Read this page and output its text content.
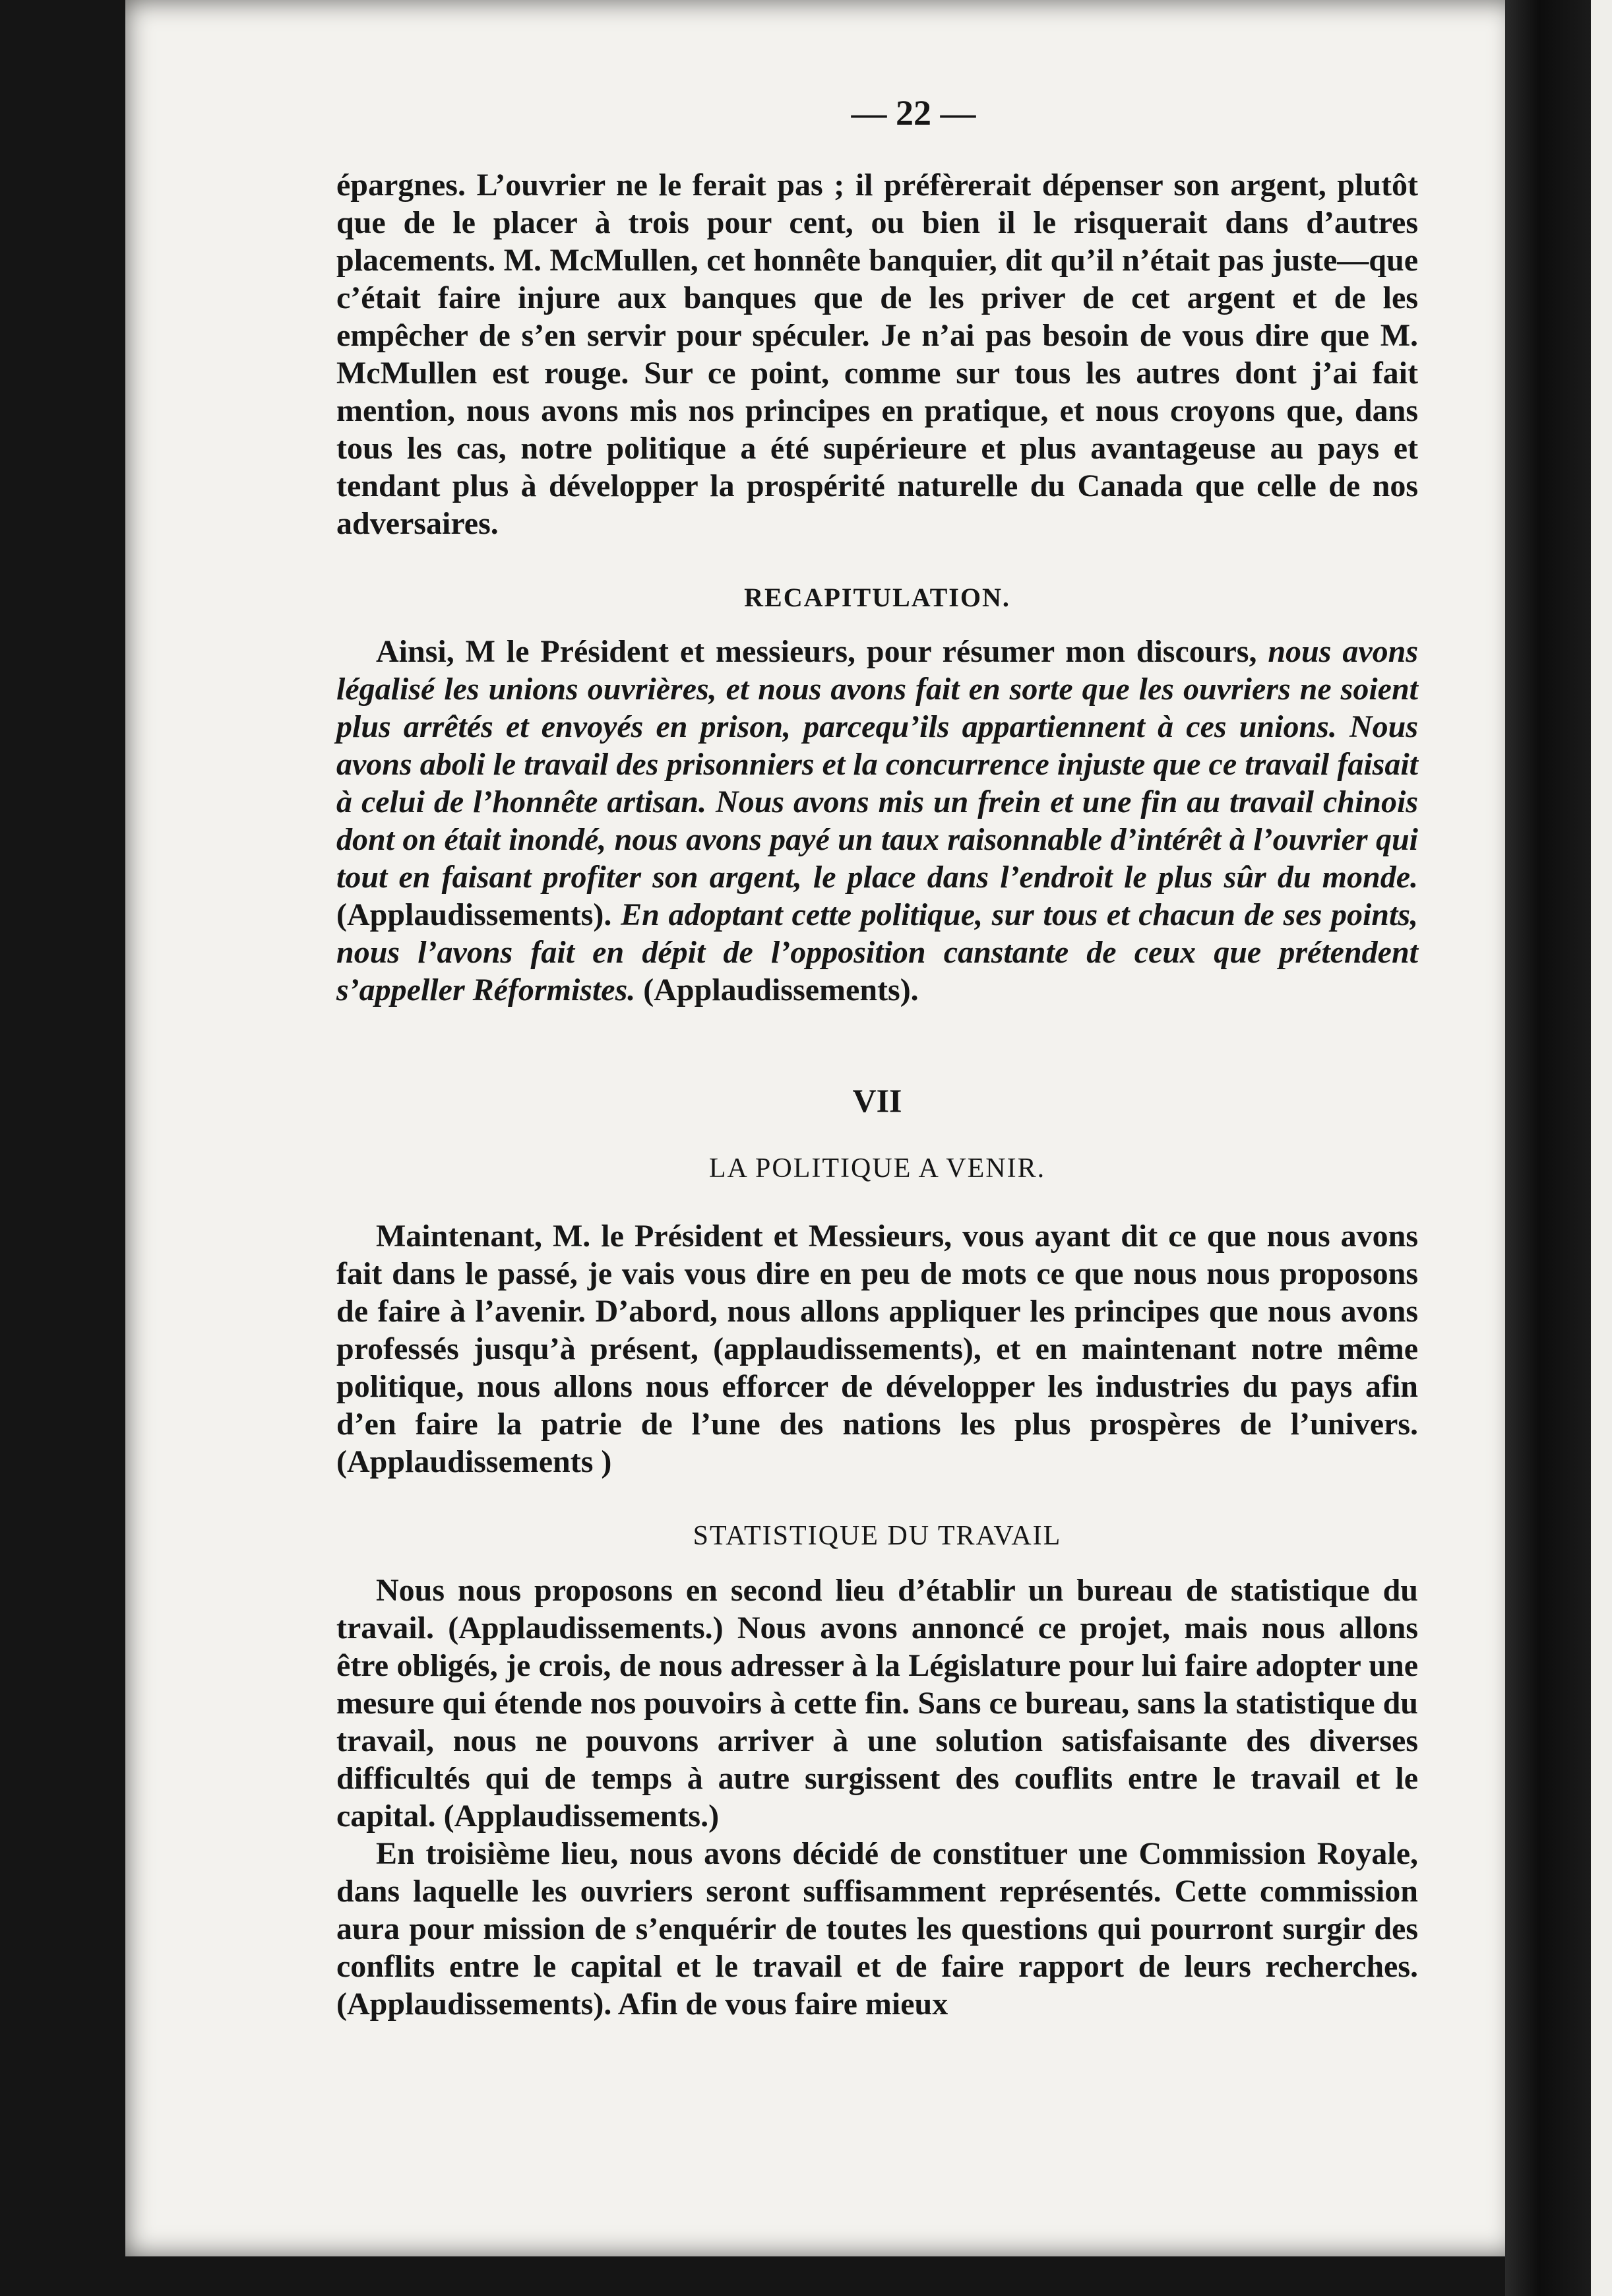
— 22 —

épargnes. L’ouvrier ne le ferait pas ; il préfèrerait dépenser son argent, plutôt que de le placer à trois pour cent, ou bien il le risquerait dans d’autres placements. M. McMullen, cet honnête banquier, dit qu’il n’était pas juste—que c’était faire injure aux banques que de les priver de cet argent et de les empêcher de s’en servir pour spéculer. Je n’ai pas besoin de vous dire que M. McMullen est rouge. Sur ce point, comme sur tous les autres dont j’ai fait mention, nous avons mis nos principes en pratique, et nous croyons que, dans tous les cas, notre politique a été supérieure et plus avantageuse au pays et tendant plus à développer la prospérité naturelle du Canada que celle de nos adversaires.

RECAPITULATION.

Ainsi, M le Président et messieurs, pour résumer mon discours, nous avons légalisé les unions ouvrières, et nous avons fait en sorte que les ouvriers ne soient plus arrêtés et envoyés en prison, parcequ’ils appartiennent à ces unions. Nous avons aboli le travail des prisonniers et la concurrence injuste que ce travail faisait à celui de l’honnête artisan. Nous avons mis un frein et une fin au travail chinois dont on était inondé, nous avons payé un taux raisonnable d’intérêt à l’ouvrier qui tout en faisant profiter son argent, le place dans l’endroit le plus sûr du monde. (Applaudissements). En adoptant cette politique, sur tous et chacun de ses points, nous l’avons fait en dépit de l’opposition canstante de ceux que prétendent s’appeller Réformistes. (Applaudissements).

VII
LA POLITIQUE A VENIR.

Maintenant, M. le Président et Messieurs, vous ayant dit ce que nous avons fait dans le passé, je vais vous dire en peu de mots ce que nous nous proposons de faire à l’avenir. D’abord, nous allons appliquer les principes que nous avons professés jusqu’à présent, (applaudissements), et en maintenant notre même politique, nous allons nous efforcer de développer les industries du pays afin d’en faire la patrie de l’une des nations les plus prospères de l’univers. (Applaudissements )

STATISTIQUE DU TRAVAIL

Nous nous proposons en second lieu d’établir un bureau de statistique du travail. (Applaudissements.) Nous avons annoncé ce projet, mais nous allons être obligés, je crois, de nous adresser à la Législature pour lui faire adopter une mesure qui étende nos pouvoirs à cette fin. Sans ce bureau, sans la statistique du travail, nous ne pouvons arriver à une solution satisfaisante des diverses difficultés qui de temps à autre surgissent des couflits entre le travail et le capital. (Applaudissements.)

En troisième lieu, nous avons décidé de constituer une Commission Royale, dans laquelle les ouvriers seront suffisamment représentés. Cette commission aura pour mission de s’enquérir de toutes les questions qui pourront surgir des conflits entre le capital et le travail et de faire rapport de leurs recherches. (Applaudissements). Afin de vous faire mieux
